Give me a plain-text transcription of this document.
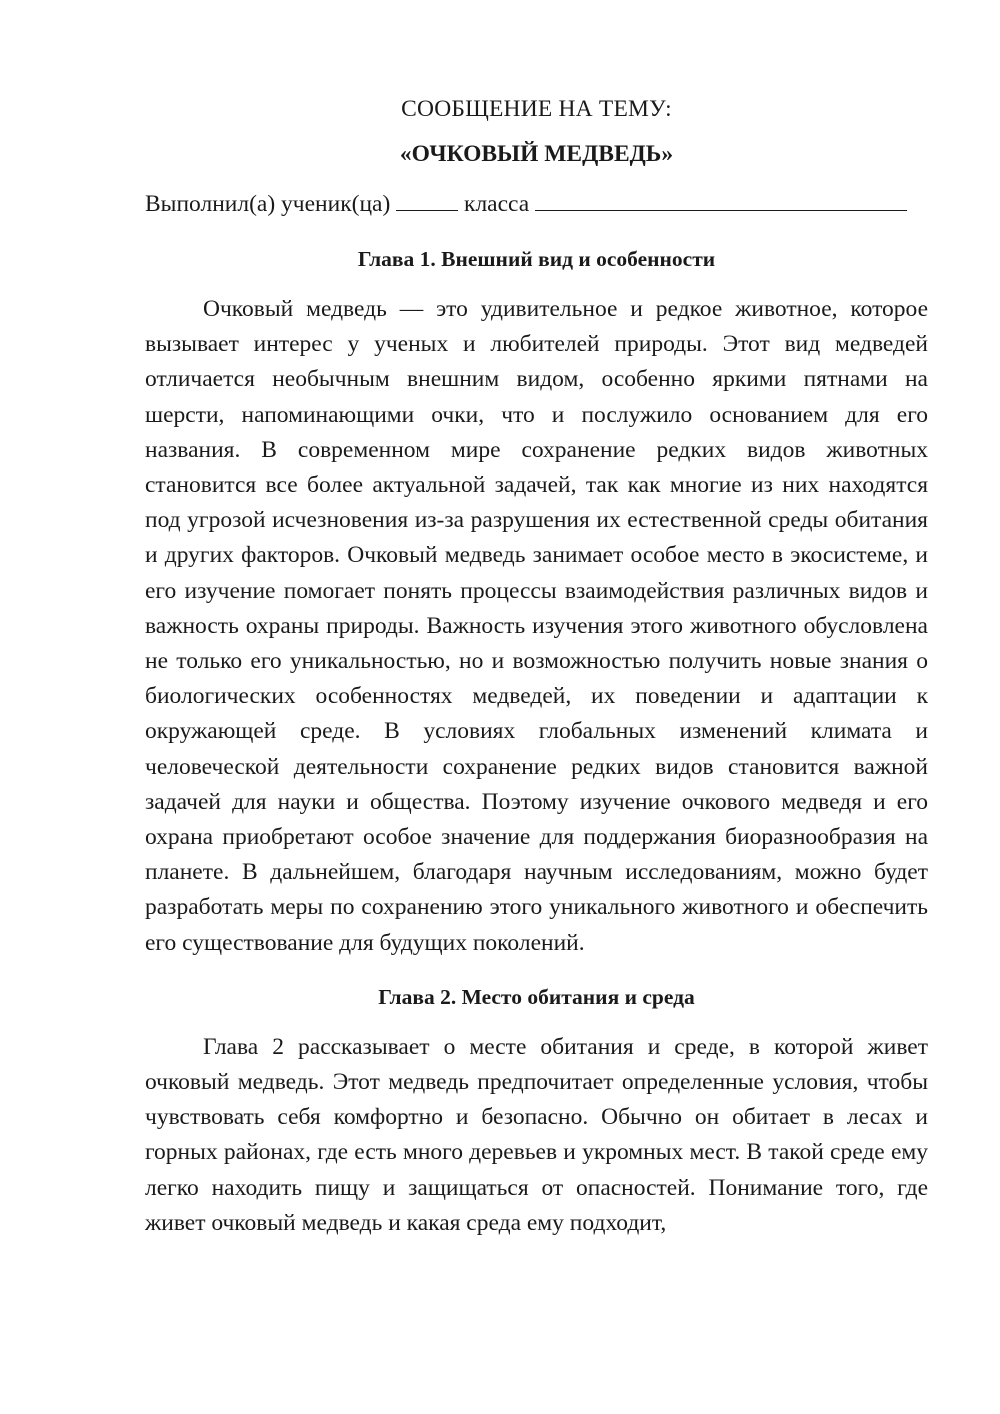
СООБЩЕНИЕ НА ТЕМУ:

«ОЧКОВЫЙ МЕДВЕДЬ»

Выполнил(а) ученик(ца)	класса
Глава 1. Внешний вид и особенности

Очковый медведь — это удивительное и редкое животное, которое вызывает интерес у ученых и любителей природы. Этот вид медведей отличается необычным внешним видом, особенно яркими пятнами на шерсти, напоминающими очки, что и послужило основанием для его названия. В современном мире сохранение редких видов животных становится все более актуальной задачей, так как многие из них находятся под угрозой исчезновения из-за разрушения их естественной среды обитания и других факторов. Очковый медведь занимает особое место в экосистеме, и его изучение помогает понять процессы взаимодействия различных видов и важность охраны природы. Важность изучения этого животного обусловлена не только его уникальностью, но и возможностью получить новые знания о биологических особенностях медведей, их поведении и адаптации к окружающей среде. В условиях глобальных изменений климата и человеческой деятельности сохранение редких видов становится важной задачей для науки и общества. Поэтому изучение очкового медведя и его охрана приобретают особое значение для поддержания биоразнообразия на планете. В дальнейшем, благодаря научным исследованиям, можно будет разработать меры по сохранению этого уникального животного и обеспечить его существование для будущих поколений.

Глава 2. Место обитания и среда

Глава 2 рассказывает о месте обитания и среде, в которой живет очковый медведь. Этот медведь предпочитает определенные условия, чтобы чувствовать себя комфортно и безопасно. Обычно он обитает в лесах и горных районах, где есть много деревьев и укромных мест. В такой среде ему легко находить пищу и защищаться от опасностей. Понимание того, где живет очковый медведь и какая среда ему подходит,
